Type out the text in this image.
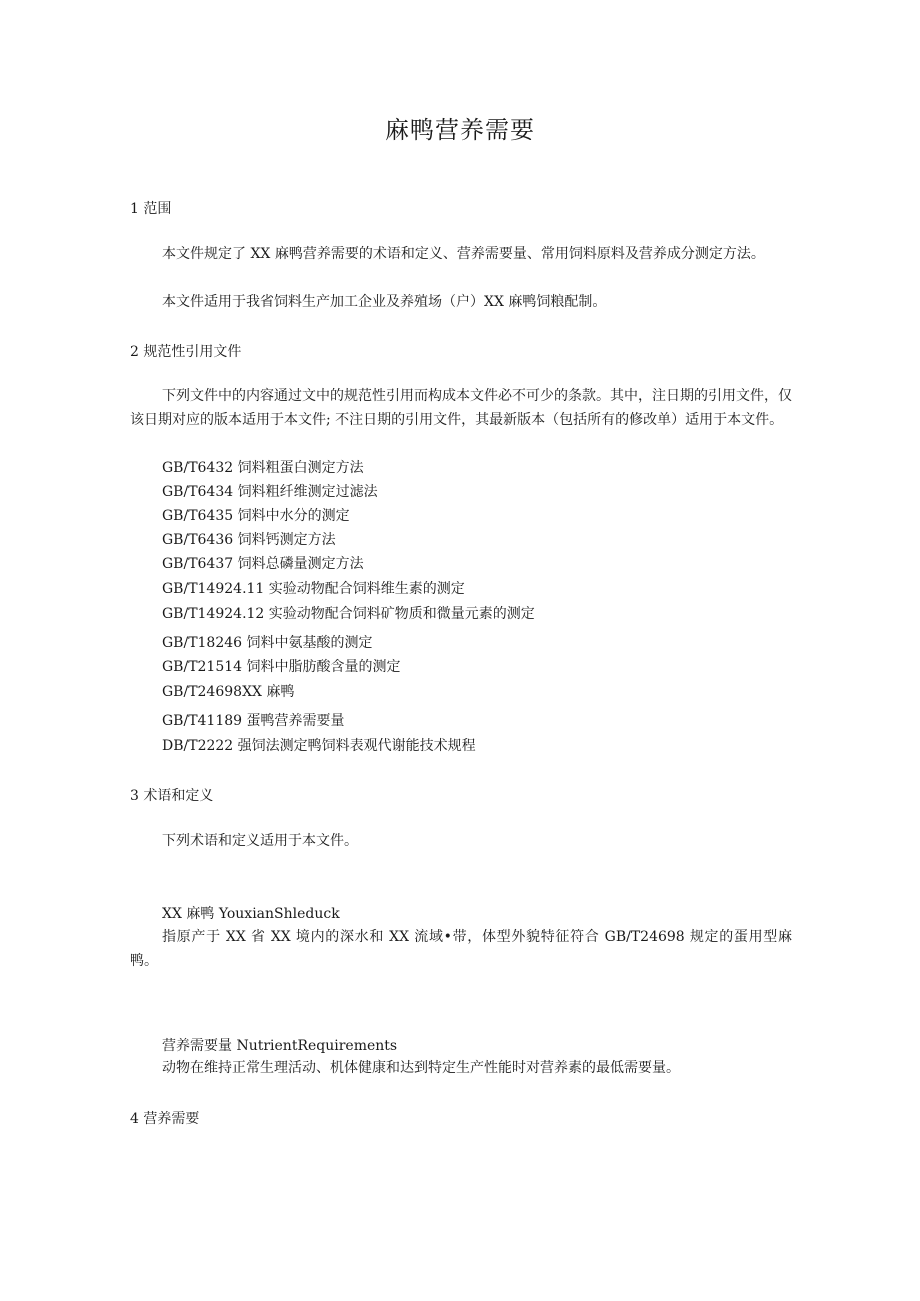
麻鸭营养需要
1 范围
本文件规定了 XX 麻鸭营养需要的术语和定义、营养需要量、常用饲料原料及营养成分测定方法。
本文件适用于我省饲料生产加工企业及养殖场（户）XX 麻鸭饲粮配制。
2 规范性引用文件
下列文件中的内容通过文中的规范性引用而构成本文件必不可少的条款。其中，注日期的引用文件，仅该日期对应的版本适用于本文件; 不注日期的引用文件，其最新版本（包括所有的修改单）适用于本文件。
GB/T6432 饲料粗蛋白测定方法
GB/T6434 饲料粗纤维测定过滤法
GB/T6435 饲料中水分的测定
GB/T6436 饲料钙测定方法
GB/T6437 饲料总磷量测定方法
GB/T14924.11 实验动物配合饲料维生素的测定
GB/T14924.12 实验动物配合饲料矿物质和微量元素的测定
GB/T18246 饲料中氨基酸的测定
GB/T21514 饲料中脂肪酸含量的测定
GB/T24698XX 麻鸭
GB/T41189 蛋鸭营养需要量
DB/T2222 强饲法测定鸭饲料表观代谢能技术规程
3 术语和定义
下列术语和定义适用于本文件。
XX 麻鸭 YouxianShleduck
指原产于 XX 省 XX 境内的深水和 XX 流域•带，体型外貌特征符合 GB/T24698 规定的蛋用型麻鸭。
营养需要量 NutrientRequirements
动物在维持正常生理活动、机体健康和达到特定生产性能时对营养素的最低需要量。
4 营养需要
